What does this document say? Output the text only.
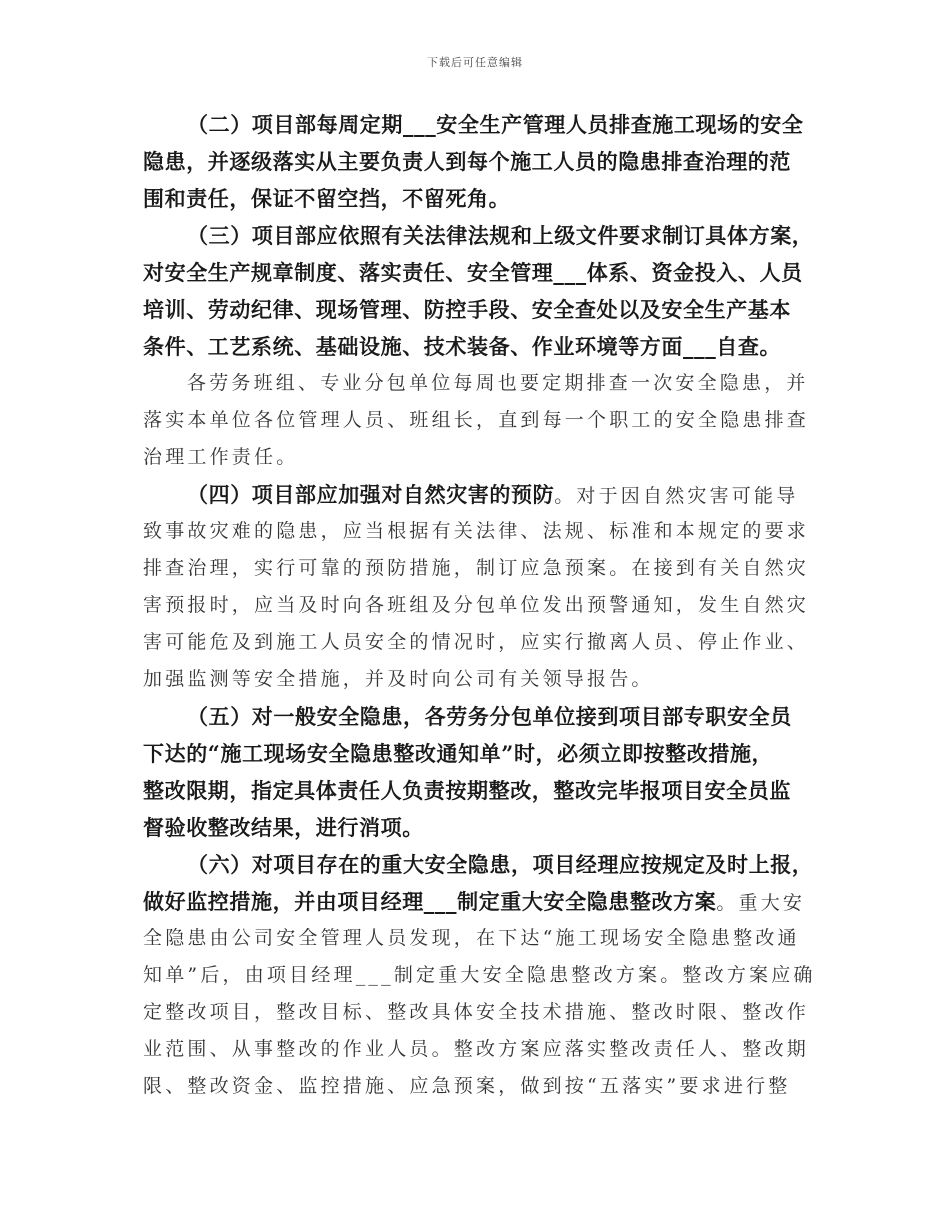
下载后可任意编辑
（二）项目部每周定期___安全生产管理人员排查施工现场的安全
隐患，并逐级落实从主要负责人到每个施工人员的隐患排查治理的范
围和责任，保证不留空挡，不留死角。
（三）项目部应依照有关法律法规和上级文件要求制订具体方案，
对安全生产规章制度、落实责任、安全管理___体系、资金投入、人员
培训、劳动纪律、现场管理、防控手段、安全查处以及安全生产基本
条件、工艺系统、基础设施、技术装备、作业环境等方面___自查。
各劳务班组、专业分包单位每周也要定期排查一次安全隐患，并
落实本单位各位管理人员、班组长，直到每一个职工的安全隐患排查
治理工作责任。
（四）项目部应加强对自然灾害的预防。对于因自然灾害可能导
致事故灾难的隐患，应当根据有关法律、法规、标准和本规定的要求
排查治理，实行可靠的预防措施，制订应急预案。在接到有关自然灾
害预报时，应当及时向各班组及分包单位发出预警通知，发生自然灾
害可能危及到施工人员安全的情况时，应实行撤离人员、停止作业、
加强监测等安全措施，并及时向公司有关领导报告。
（五）对一般安全隐患，各劳务分包单位接到项目部专职安全员
下达的“施工现场安全隐患整改通知单”时，必须立即按整改措施，
整改限期，指定具体责任人负责按期整改，整改完毕报项目安全员监
督验收整改结果，进行消项。
（六）对项目存在的重大安全隐患，项目经理应按规定及时上报，
做好监控措施，并由项目经理___制定重大安全隐患整改方案。重大安
全隐患由公司安全管理人员发现，在下达“施工现场安全隐患整改通
知单”后，由项目经理___制定重大安全隐患整改方案。整改方案应确
定整改项目，整改目标、整改具体安全技术措施、整改时限、整改作
业范围、从事整改的作业人员。整改方案应落实整改责任人、整改期
限、整改资金、监控措施、应急预案，做到按“五落实”要求进行整
